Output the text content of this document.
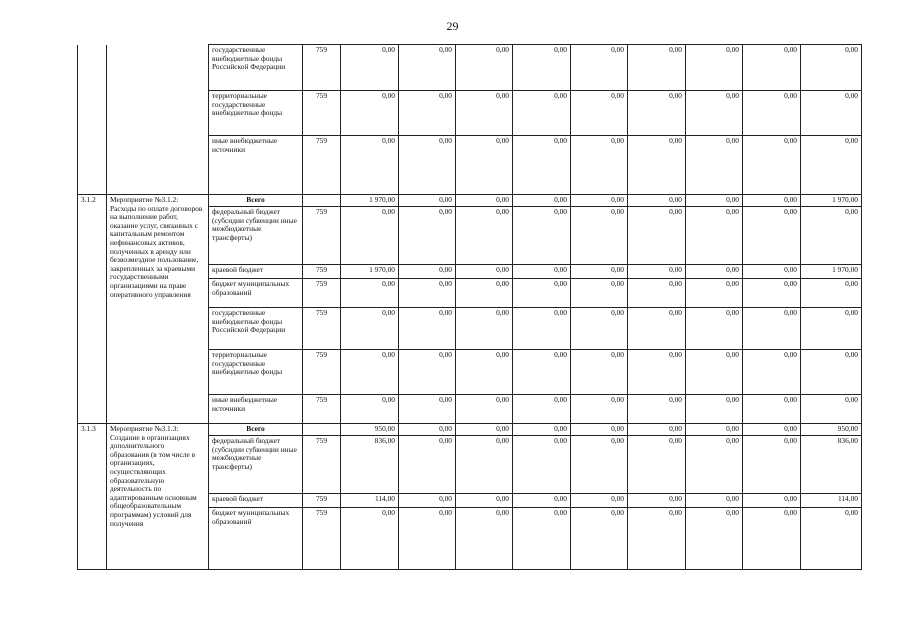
29
		государственные внебюджетные фонды Российской Федерации	759	0,00	0,00	0,00	0,00	0,00	0,00	0,00	0,00	0,00
		территориальные государственные внебюджетные фонды	759	0,00	0,00	0,00	0,00	0,00	0,00	0,00	0,00	0,00
		иные внебюджетные источники	759	0,00	0,00	0,00	0,00	0,00	0,00	0,00	0,00	0,00
3.1.2	Мероприятие №3.1.2: Расходы по оплате договоров на выполнение работ, оказание услуг, связанных с капитальным ремонтом нефинансовых активов, полученных в аренду или безвозмездное пользование, закрепленных за краевыми государственными организациями на праве оперативного управления	Всего		1 970,00	0,00	0,00	0,00	0,00	0,00	0,00	0,00	1 970,00
		федеральный бюджет (субсидии субвенции иные межбюджетные трансферты)	759	0,00	0,00	0,00	0,00	0,00	0,00	0,00	0,00	0,00
		краевой бюджет	759	1 970,00	0,00	0,00	0,00	0,00	0,00	0,00	0,00	1 970,00
		бюджет муниципальных образований	759	0,00	0,00	0,00	0,00	0,00	0,00	0,00	0,00	0,00
		государственные внебюджетные фонды Российской Федерации	759	0,00	0,00	0,00	0,00	0,00	0,00	0,00	0,00	0,00
		территориальные государственные внебюджетные фонды	759	0,00	0,00	0,00	0,00	0,00	0,00	0,00	0,00	0,00
		иные внебюджетные источники	759	0,00	0,00	0,00	0,00	0,00	0,00	0,00	0,00	0,00
3.1.3	Мероприятие №3.1.3: Создание в организациях дополнительного образования (в том числе в организациях, осуществляющих образовательную деятельность по адаптированным основным общеобразовательным программам) условий для получения	Всего		950,00	0,00	0,00	0,00	0,00	0,00	0,00	0,00	950,00
		федеральный бюджет (субсидии субвенции иные межбюджетные трансферты)	759	836,00	0,00	0,00	0,00	0,00	0,00	0,00	0,00	836,00
		краевой бюджет	759	114,00	0,00	0,00	0,00	0,00	0,00	0,00	0,00	114,00
		бюджет муниципальных образований	759	0,00	0,00	0,00	0,00	0,00	0,00	0,00	0,00	0,00
